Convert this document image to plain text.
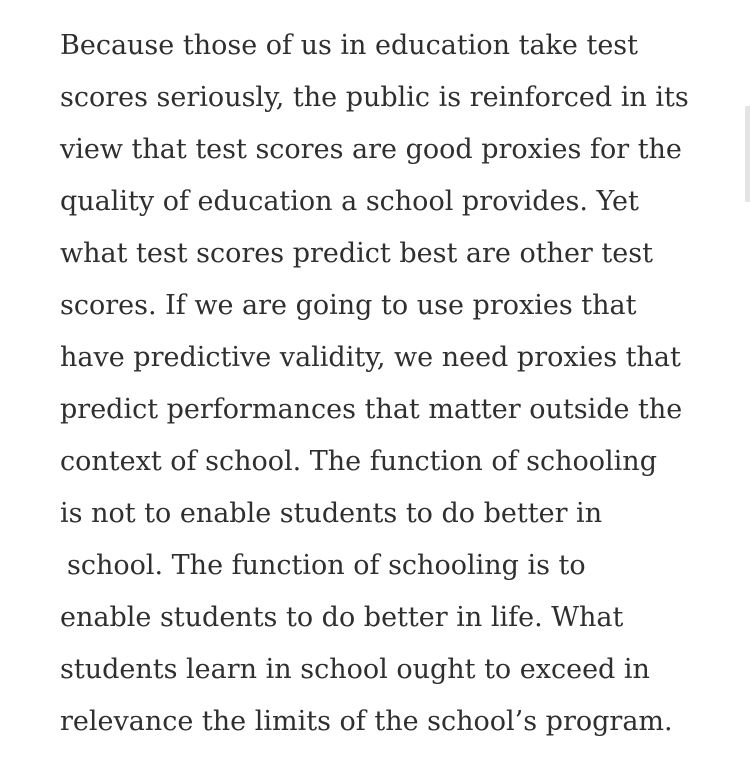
Because those of us in education take test
scores seriously, the public is reinforced in its
view that test scores are good proxies for the
quality of education a school provides. Yet
what test scores predict best are other test
scores. If we are going to use proxies that
have predictive validity, we need proxies that
predict performances that matter outside the
context of school. The function of schooling
is not to enable students to do better in
school. The function of schooling is to
enable students to do better in life. What
students learn in school ought to exceed in
relevance the limits of the school’s program.
